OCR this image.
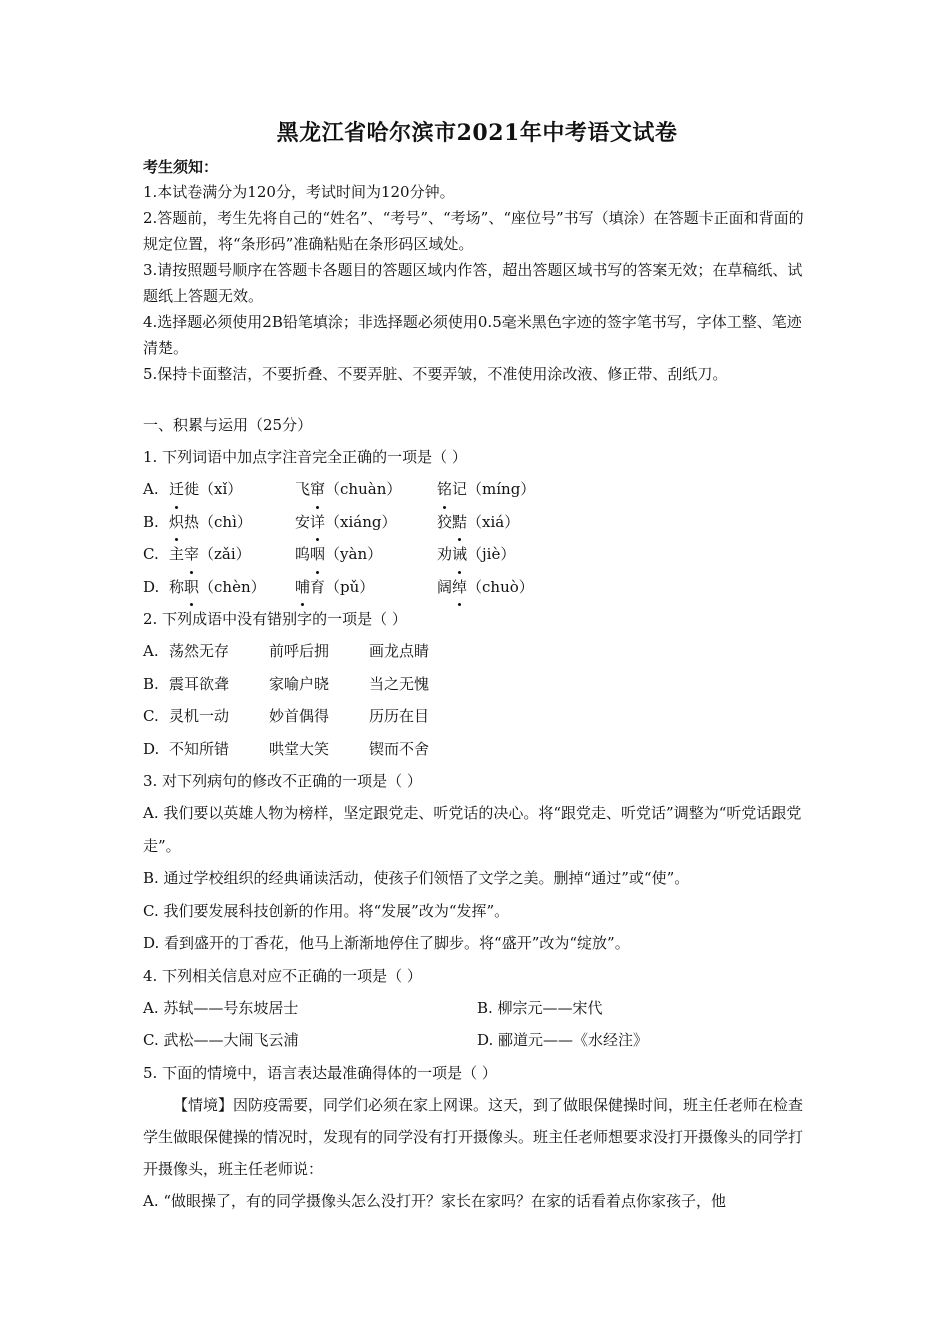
黑龙江省哈尔滨市2021年中考语文试卷
考生须知：

1.本试卷满分为120分，考试时间为120分钟。

2.答题前，考生先将自己的“姓名”、“考号”、“考场”、“座位号”书写（填涂）在答题卡正面和背面的规定位置，将“条形码”准确粘贴在条形码区域处。

3.请按照题号顺序在答题卡各题目的答题区域内作答，超出答题区域书写的答案无效；在草稿纸、试题纸上答题无效。

4.选择题必须使用2B铅笔填涂；非选择题必须使用0.5毫米黑色字迹的签字笔书写，字体工整、笔迹清楚。

5.保持卡面整洁，不要折叠、不要弄脏、不要弄皱，不准使用涂改液、修正带、刮纸刀。

一、积累与运用（25分）

1. 下列词语中加点字注音完全正确的一项是（ ）

A. 迁徙（xǐ）	飞窜（chuàn）	铭记（míng）
B. 炽热（chì）	安详（xiáng）	狡黠（xiá）
C. 主宰（zǎi）	呜咽（yàn）	劝诫（jiè）
D. 称职（chèn）	哺育（pǔ）	阔绰（chuò）

2. 下列成语中没有错别字的一项是（ ）

A. 荡然无存	前呼后拥	画龙点睛
B. 震耳欲聋	家喻户晓	当之无愧
C. 灵机一动	妙首偶得	历历在目
D. 不知所错	哄堂大笑	锲而不舍

3. 对下列病句的修改不正确的一项是（ ）

A. 我们要以英雄人物为榜样，坚定跟党走、听党话的决心。将“跟党走、听党话”调整为“听党话跟党走”。

B. 通过学校组织的经典诵读活动，使孩子们领悟了文学之美。删掉“通过”或“使”。

C. 我们要发展科技创新的作用。将“发展”改为“发挥”。

D. 看到盛开的丁香花，他马上渐渐地停住了脚步。将“盛开”改为“绽放”。

4. 下列相关信息对应不正确的一项是（ ）

A. 苏轼——号东坡居士	B. 柳宗元——宋代
C. 武松——大闹飞云浦	D. 郦道元——《水经注》

5. 下面的情境中，语言表达最准确得体的一项是（ ）

【情境】因防疫需要，同学们必须在家上网课。这天，到了做眼保健操时间，班主任老师在检查学生做眼保健操的情况时，发现有的同学没有打开摄像头。班主任老师想要求没打开摄像头的同学打开摄像头，班主任老师说：

A. “做眼操了，有的同学摄像头怎么没打开？家长在家吗？在家的话看着点你家孩子，他
